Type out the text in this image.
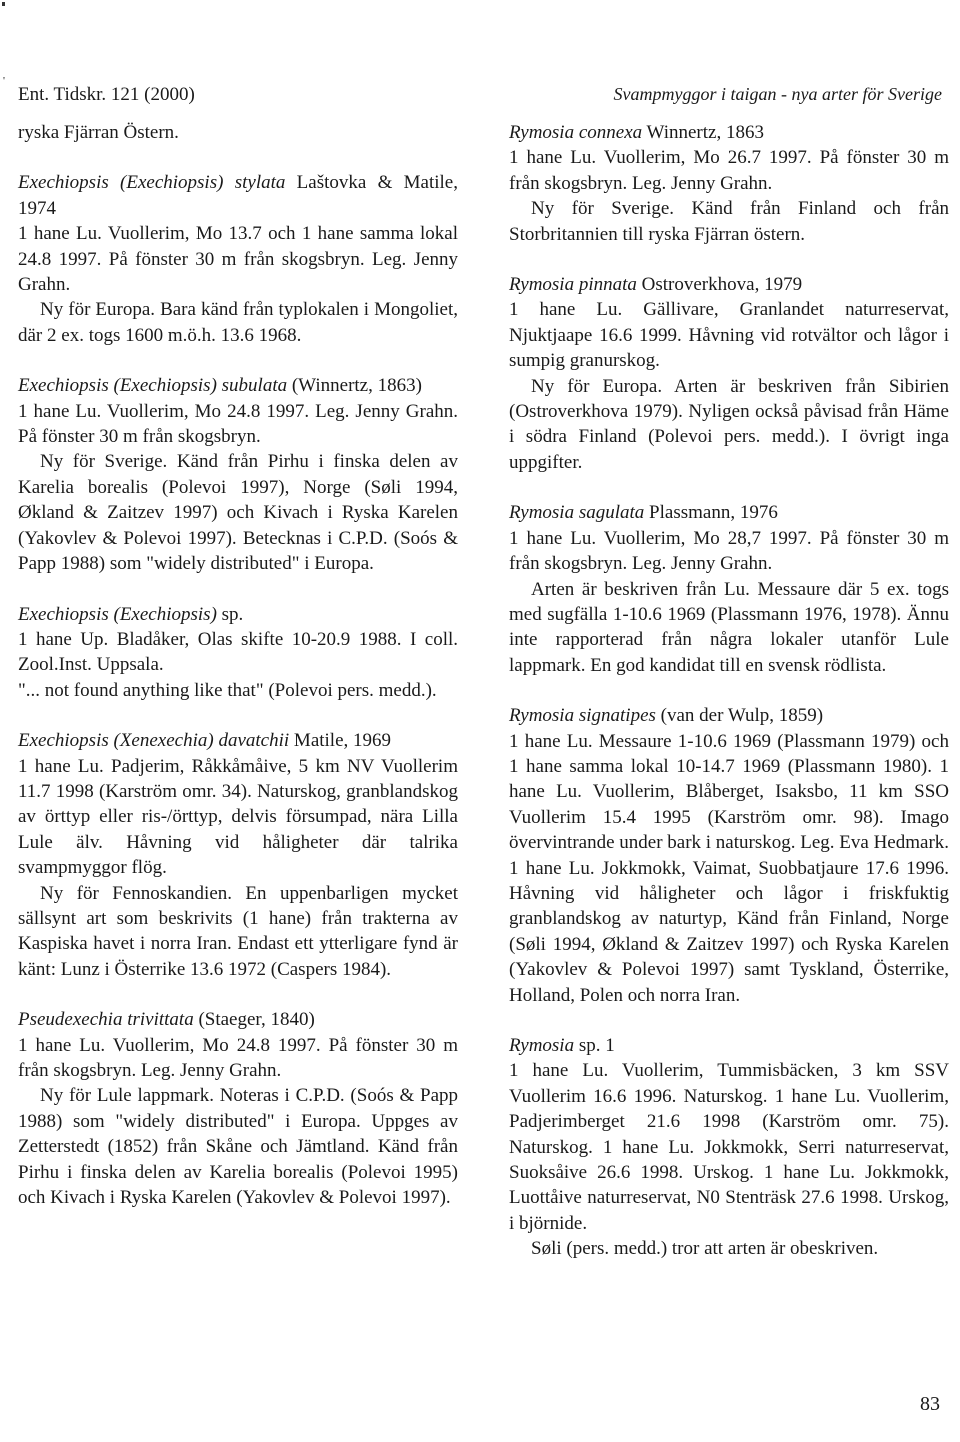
'
Ent. Tidskr. 121 (2000)	Svampmyggor i taigan - nya arter för Sverige

ryska Fjärran Östern.

Exechiopsis (Exechiopsis) stylata Laštovka & Matile, 1974

1 hane Lu. Vuollerim, Mo 13.7 och 1 hane samma lokal 24.8 1997. På fönster 30 m från skogsbryn. Leg. Jenny Grahn.

Ny för Europa. Bara känd från typlokalen i Mongoliet, där 2 ex. togs 1600 m.ö.h. 13.6 1968.

Exechiopsis (Exechiopsis) subulata (Winnertz, 1863)

1 hane Lu. Vuollerim, Mo 24.8 1997. Leg. Jenny Grahn. På fönster 30 m från skogsbryn.

Ny för Sverige. Känd från Pirhu i finska delen av Karelia borealis (Polevoi 1997), Norge (Søli 1994, Økland & Zaitzev 1997) och Kivach i Ryska Karelen (Yakovlev & Polevoi 1997). Betecknas i C.P.D. (Soós & Papp 1988) som "widely distributed" i Europa.

Exechiopsis (Exechiopsis) sp.

1 hane Up. Bladåker, Olas skifte 10-20.9 1988. I coll. Zool.Inst. Uppsala.

"... not found anything like that" (Polevoi pers. medd.).

Exechiopsis (Xenexechia) davatchii Matile, 1969

1 hane Lu. Padjerim, Råkkåmåive, 5 km NV Vuollerim 11.7 1998 (Karström omr. 34). Naturskog, granblandskog av örttyp eller ris-/örttyp, delvis försumpad, nära Lilla Lule älv. Håvning vid håligheter där talrika svampmyggor flög.

Ny för Fennoskandien. En uppenbarligen mycket sällsynt art som beskrivits (1 hane) från trakterna av Kaspiska havet i norra Iran. Endast ett ytterligare fynd är känt: Lunz i Österrike 13.6 1972 (Caspers 1984).

Pseudexechia trivittata (Staeger, 1840)

1 hane Lu. Vuollerim, Mo 24.8 1997. På fönster 30 m från skogsbryn. Leg. Jenny Grahn.

Ny för Lule lappmark. Noteras i C.P.D. (Soós & Papp 1988) som "widely distributed" i Europa. Uppges av Zetterstedt (1852) från Skåne och Jämtland. Känd från Pirhu i finska delen av Karelia borealis (Polevoi 1995) och Kivach i Ryska Karelen (Yakovlev & Polevoi 1997).

Rymosia connexa Winnertz, 1863

1 hane Lu. Vuollerim, Mo 26.7 1997. På fönster 30 m från skogsbryn. Leg. Jenny Grahn.

Ny för Sverige. Känd från Finland och från Storbritannien till ryska Fjärran östern.

Rymosia pinnata Ostroverkhova, 1979

1 hane Lu. Gällivare, Granlandet naturreservat, Njuktjaape 16.6 1999. Håvning vid rotvältor och lågor i sumpig granurskog.

Ny för Europa. Arten är beskriven från Sibirien (Ostroverkhova 1979). Nyligen också påvisad från Häme i södra Finland (Polevoi pers. medd.). I övrigt inga uppgifter.

Rymosia sagulata Plassmann, 1976

1 hane Lu. Vuollerim, Mo 28,7 1997. På fönster 30 m från skogsbryn. Leg. Jenny Grahn.

Arten är beskriven från Lu. Messaure där 5 ex. togs med sugfälla 1-10.6 1969 (Plassmann 1976, 1978). Ännu inte rapporterad från några lokaler utanför Lule lappmark. En god kandidat till en svensk rödlista.

Rymosia signatipes (van der Wulp, 1859)

1 hane Lu. Messaure 1-10.6 1969 (Plassmann 1979) och 1 hane samma lokal 10-14.7 1969 (Plassmann 1980). 1 hane Lu. Vuollerim, Blåberget, Isaksbo, 11 km SSO Vuollerim 15.4 1995 (Karström omr. 98). Imago övervintrande under bark i naturskog. Leg. Eva Hedmark. 1 hane Lu. Jokkmokk, Vaimat, Suobbatjaure 17.6 1996. Håvning vid håligheter och lågor i friskfuktig granblandskog av naturtyp, Känd från Finland, Norge (Søli 1994, Økland & Zaitzev 1997) och Ryska Karelen (Yakovlev & Polevoi 1997) samt Tyskland, Österrike, Holland, Polen och norra Iran.

Rymosia sp. 1

1 hane Lu. Vuollerim, Tummisbäcken, 3 km SSV Vuollerim 16.6 1996. Naturskog. 1 hane Lu. Vuollerim, Padjerimberget 21.6 1998 (Karström omr. 75). Naturskog. 1 hane Lu. Jokkmokk, Serri naturreservat, Suoksåive 26.6 1998. Urskog. 1 hane Lu. Jokkmokk, Luottåive naturreservat, N0 Stenträsk 27.6 1998. Urskog, i björnide.

Søli (pers. medd.) tror att arten är obeskriven.

83
